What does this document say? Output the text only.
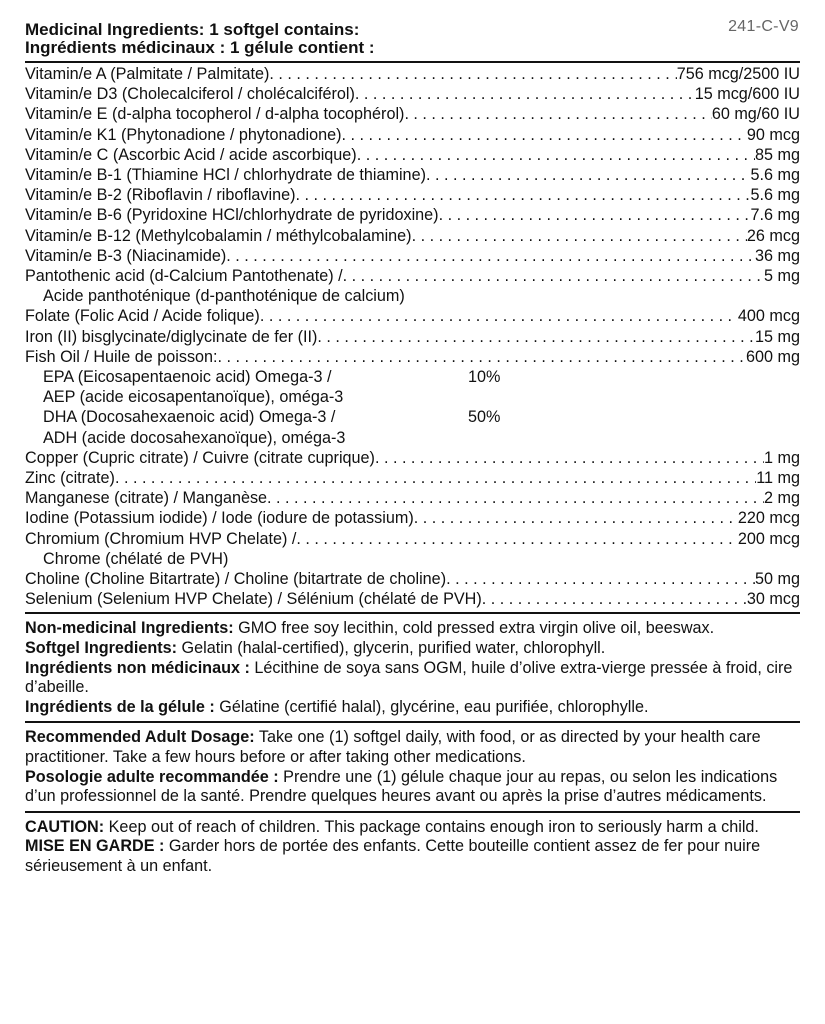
241-C-V9
Medicinal Ingredients: 1 softgel contains:
Ingrédients médicinaux : 1 gélule contient :
Vitamin/e A (Palmitate / Palmitate) . . .	756 mcg/2500 IU
Vitamin/e D3 (Cholecalciferol / cholécalciférol) . . .	15 mcg/600 IU
Vitamin/e E (d-alpha tocopherol / d-alpha tocophérol) . . .	60 mg/60 IU
Vitamin/e K1 (Phytonadione / phytonadione) . . .	90 mcg
Vitamin/e C (Ascorbic Acid / acide ascorbique) . . .	85 mg
Vitamin/e B-1 (Thiamine HCl / chlorhydrate de thiamine) . . .	5.6 mg
Vitamin/e B-2 (Riboflavin / riboflavine) . . .	5.6 mg
Vitamin/e B-6 (Pyridoxine HCl/chlorhydrate de pyridoxine) . . .	7.6 mg
Vitamin/e B-12 (Methylcobalamin / méthylcobalamine) . . .	26 mcg
Vitamin/e B-3 (Niacinamide) . . .	36 mg
Pantothenic acid (d-Calcium Pantothenate) / . . .	5 mg
Acide panthoténique (d-panthoténique de calcium)
Folate (Folic Acid / Acide folique) . . .	400 mcg
Iron (II) bisglycinate/diglycinate de fer (II) . . .	15 mg
Fish Oil / Huile de poisson: . . .	600 mg
EPA (Eicosapentaenoic acid) Omega-3 /	10%
AEP (acide eicosapentanoïque), oméga-3
DHA (Docosahexaenoic acid) Omega-3 /	50%
ADH (acide docosahexanoïque), oméga-3
Copper (Cupric citrate) / Cuivre (citrate cuprique) . . .	1 mg
Zinc (citrate) . . .	11 mg
Manganese (citrate) / Manganèse . . .	2 mg
Iodine (Potassium iodide) / Iode (iodure de potassium) . . .	220 mcg
Chromium (Chromium HVP Chelate) / . . .	200 mcg
Chrome (chélaté de PVH)
Choline (Choline Bitartrate) / Choline (bitartrate de choline) . . .	50 mg
Selenium (Selenium HVP Chelate) / Sélénium (chélaté de PVH) . . .	30 mcg

Non-medicinal Ingredients: GMO free soy lecithin, cold pressed extra virgin olive oil, beeswax.

Softgel Ingredients: Gelatin (halal-certified), glycerin, purified water, chlorophyll.

Ingrédients non médicinaux : Lécithine de soya sans OGM, huile d’olive extra-vierge pressée à froid, cire d’abeille.

Ingrédients de la gélule : Gélatine (certifié halal), glycérine, eau purifiée, chlorophylle.

Recommended Adult Dosage: Take one (1) softgel daily, with food, or as directed by your health care practitioner. Take a few hours before or after taking other medications.

Posologie adulte recommandée : Prendre une (1) gélule chaque jour au repas, ou selon les indications d’un professionnel de la santé. Prendre quelques heures avant ou après la prise d’autres médicaments.

CAUTION: Keep out of reach of children. This package contains enough iron to seriously harm a child.

MISE EN GARDE : Garder hors de portée des enfants. Cette bouteille contient assez de fer pour nuire sérieusement à un enfant.
